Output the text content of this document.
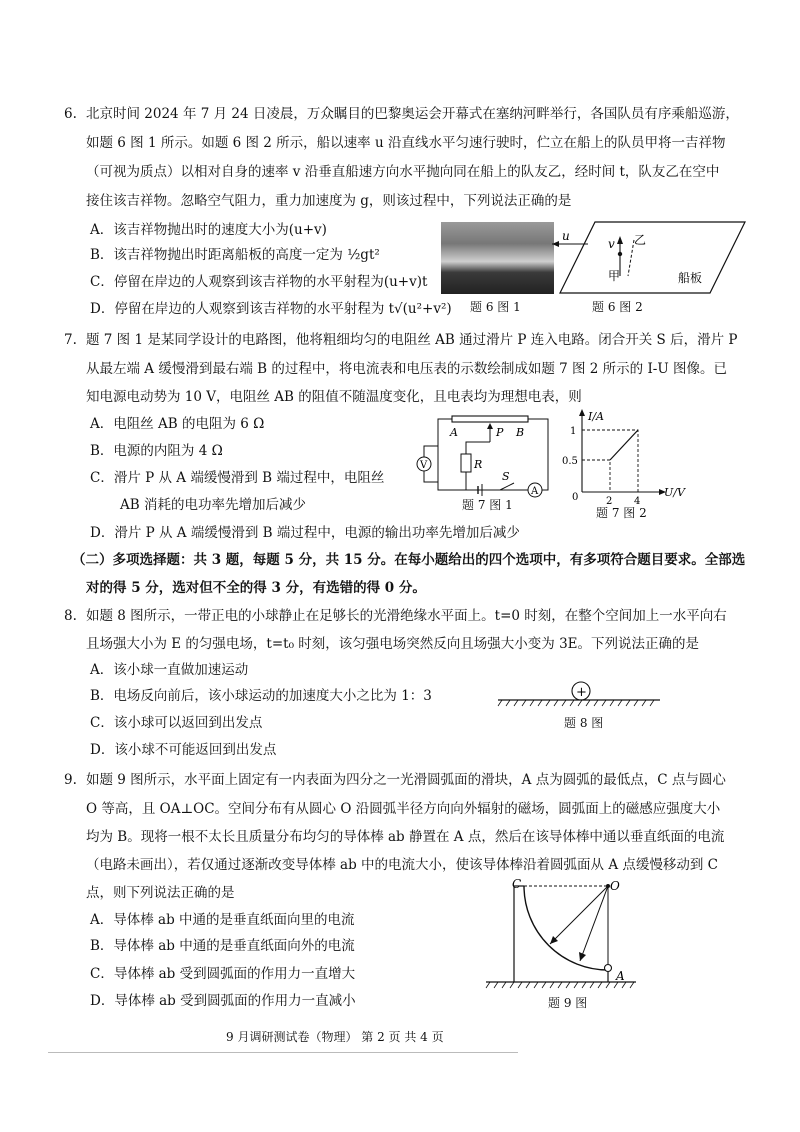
6. 北京时间 2024 年 7 月 24 日凌晨，万众瞩目的巴黎奥运会开幕式在塞纳河畔举行，各国队员有序乘船巡游，
如题 6 图 1 所示。如题 6 图 2 所示，船以速率 u 沿直线水平匀速行驶时，伫立在船上的队员甲将一吉祥物
（可视为质点）以相对自身的速率 v 沿垂直船速方向水平抛向同在船上的队友乙，经时间 t，队友乙在空中
接住该吉祥物。忽略空气阻力，重力加速度为 g，则该过程中，下列说法正确的是
A．该吉祥物抛出时的速度大小为(u+v)
B．该吉祥物抛出时距离船板的高度一定为 ½gt²
C．停留在岸边的人观察到该吉祥物的水平射程为(u+v)t
D．停留在岸边的人观察到该吉祥物的水平射程为 t√(u²+v²) 题 6 图 1
u
v 乙
甲	船板
题 6 图 2
7. 题 7 图 1 是某同学设计的电路图，他将粗细均匀的电阻丝 AB 通过滑片 P 连入电路。闭合开关 S 后，滑片 P
从最左端 A 缓慢滑到最右端 B 的过程中，将电流表和电压表的示数绘制成如题 7 图 2 所示的 I-U 图像。已
知电源电动势为 10 V，电阻丝 AB 的阻值不随温度变化，且电表均为理想电表，则
A．电阻丝 AB 的电阻为 6 Ω
B．电源的内阻为 4 Ω
C．滑片 P 从 A 端缓慢滑到 B 端过程中，电阻丝
AB 消耗的电功率先增加后减少
D．滑片 P 从 A 端缓慢滑到 B 端过程中，电源的输出功率先增加后减少
A	P B
R
V
S
A
题 7 图 1
I/A
U/V
0
1
0.5
2 4
题 7 图 2
（二）多项选择题：共 3 题，每题 5 分，共 15 分。在每小题给出的四个选项中，有多项符合题目要求。全部选
对的得 5 分，选对但不全的得 3 分，有选错的得 0 分。
8. 如题 8 图所示，一带正电的小球静止在足够长的光滑绝缘水平面上。t=0 时刻，在整个空间加上一水平向右
且场强大小为 E 的匀强电场，t=t₀ 时刻，该匀强电场突然反向且场强大小变为 3E。下列说法正确的是
A．该小球一直做加速运动
B．电场反向前后，该小球运动的加速度大小之比为 1：3
C．该小球可以返回到出发点
D．该小球不可能返回到出发点
+
题 8 图
9. 如题 9 图所示，水平面上固定有一内表面为四分之一光滑圆弧面的滑块，A 点为圆弧的最低点，C 点与圆心
O 等高，且 OA⊥OC。空间分布有从圆心 O 沿圆弧半径方向向外辐射的磁场，圆弧面上的磁感应强度大小
均为 B。现将一根不太长且质量分布均匀的导体棒 ab 静置在 A 点，然后在该导体棒中通以垂直纸面的电流
（电路未画出），若仅通过逐渐改变导体棒 ab 中的电流大小，使该导体棒沿着圆弧面从 A 点缓慢移动到 C
点，则下列说法正确的是
A．导体棒 ab 中通的是垂直纸面向里的电流
B．导体棒 ab 中通的是垂直纸面向外的电流
C．导体棒 ab 受到圆弧面的作用力一直增大
D．导体棒 ab 受到圆弧面的作用力一直减小
C	O
A
题 9 图
9 月调研测试卷（物理） 第 2 页 共 4 页
